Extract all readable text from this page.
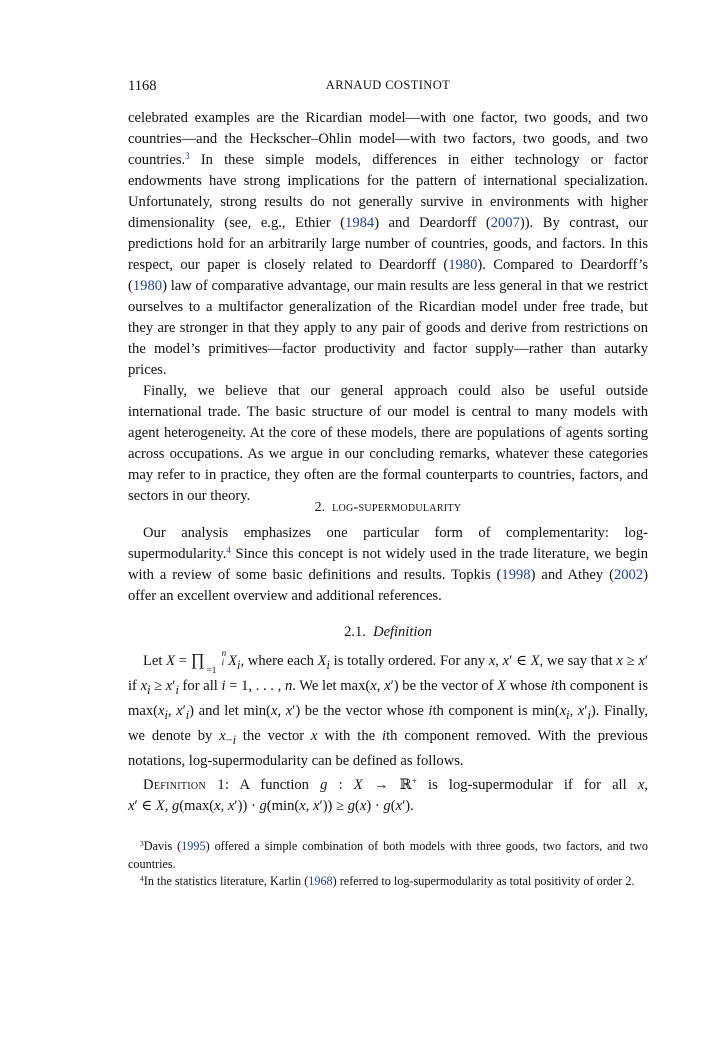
1168	ARNAUD COSTINOT

celebrated examples are the Ricardian model—with one factor, two goods, and two countries—and the Heckscher–Ohlin model—with two factors, two goods, and two countries.$^3$ In these simple models, differences in either technology or factor endowments have strong implications for the pattern of international specialization. Unfortunately, strong results do not generally survive in environments with higher dimensionality (see, e.g., Ethier (1984) and Deardorff (2007)). By contrast, our predictions hold for an arbitrarily large number of countries, goods, and factors. In this respect, our paper is closely related to Deardorff (1980). Compared to Deardorff’s (1980) law of comparative advantage, our main results are less general in that we restrict ourselves to a multifactor generalization of the Ricardian model under free trade, but they are stronger in that they apply to any pair of goods and derive from restrictions on the model’s primitives—factor productivity and factor supply—rather than autarky prices.

Finally, we believe that our general approach could also be useful outside international trade. The basic structure of our model is central to many models with agent heterogeneity. At the core of these models, there are populations of agents sorting across occupations. As we argue in our concluding remarks, whatever these categories may refer to in practice, they often are the formal counterparts to countries, factors, and sectors in our theory.

2. log-supermodularity

Our analysis emphasizes one particular form of complementarity: log-supermodularity.$^4$ Since this concept is not widely used in the trade literature, we begin with a review of some basic definitions and results. Topkis (1998) and Athey (2002) offer an excellent overview and additional references.

2.1. Definition

Let X = ∏	n
i
=1
$X_i$, where each $X_i$ is totally ordered. For any x, x′ ∈ X, we say that x ≥ x′ if $x_i \ge x'_i$ for all i = 1, . . . , n. We let max(x, x′) be the vector of X whose ith component is $\max(x_i$, $x'_i$) and let min(x, x′) be the vector whose ith component is $\min(x_i$, $x'_i$). Finally, we denote by $x_{-i}$ the vector x with the ith component removed. With the previous notations, log-supermodularity can be defined as follows.

Definition 1: A function g : X → ℝ+ is log-supermodular if for all x, x′ ∈ X, g(max(x, x′)) · g(min(x, x′)) ≥ g(x) · g(x′).

$^3$Davis (1995) offered a simple combination of both models with three goods, two factors, and two countries.

$^4$In the statistics literature, Karlin (1968) referred to log-supermodularity as total positivity of order 2.
